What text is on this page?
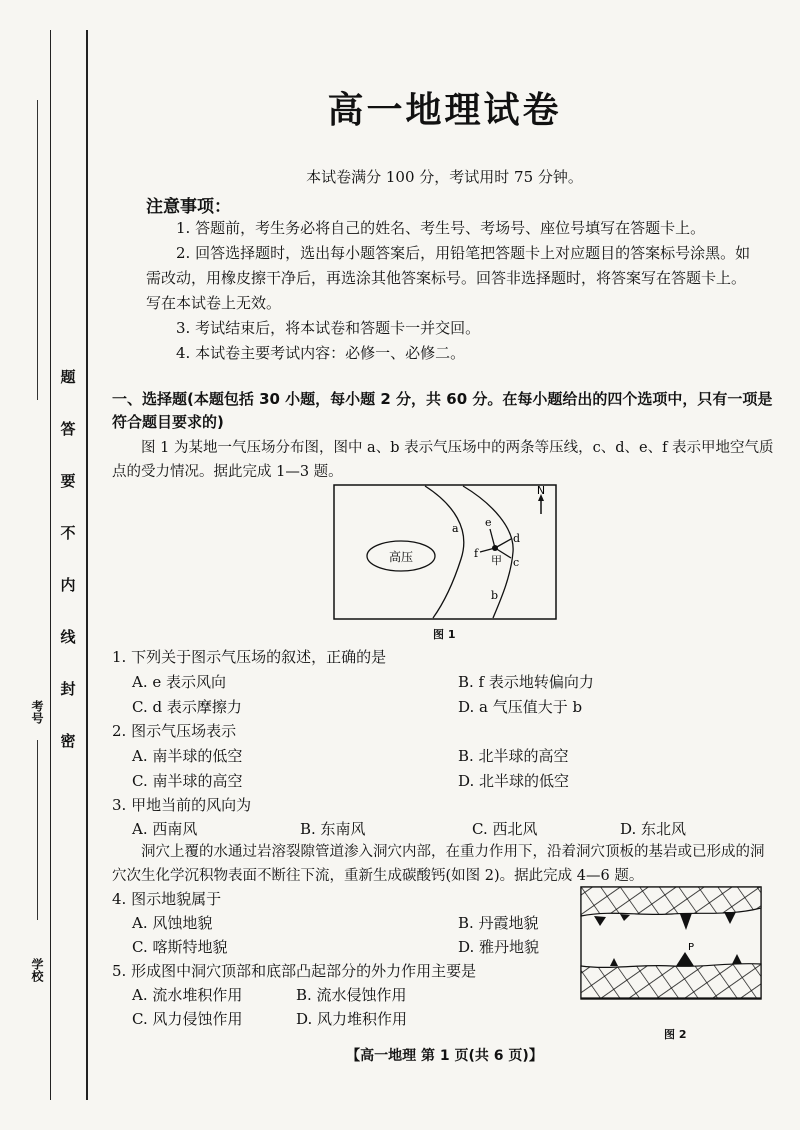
题
答
要
不
内
线
封
密
考号
学校
高一地理试卷
本试卷满分 100 分，考试用时 75 分钟。
注意事项：
1. 答题前，考生务必将自己的姓名、考生号、考场号、座位号填写在答题卡上。
2. 回答选择题时，选出每小题答案后，用铅笔把答题卡上对应题目的答案标号涂黑。如需改动，用橡皮擦干净后，再选涂其他答案标号。回答非选择题时，将答案写在答题卡上。写在本试卷上无效。
3. 考试结束后，将本试卷和答题卡一并交回。
4. 本试卷主要考试内容：必修一、必修二。
一、选择题(本题包括 30 小题，每小题 2 分，共 60 分。在每小题给出的四个选项中，只有一项是符合题目要求的)
图 1 为某地一气压场分布图，图中 a、b 表示气压场中的两条等压线，c、d、e、f 表示甲地空气质点的受力情况。据此完成 1—3 题。
高压
a
b
N
e
f
d
c
甲
图 1
1. 下列关于图示气压场的叙述，正确的是
A. e 表示风向	B. f 表示地转偏向力
C. d 表示摩擦力	D. a 气压值大于 b
2. 图示气压场表示
A. 南半球的低空	B. 北半球的高空
C. 南半球的高空	D. 北半球的低空
3. 甲地当前的风向为
A. 西南风	B. 东南风	C. 西北风	D. 东北风
洞穴上覆的水通过岩溶裂隙管道渗入洞穴内部，在重力作用下，沿着洞穴顶板的基岩或已形成的洞穴次生化学沉积物表面不断往下流，重新生成碳酸钙(如图 2)。据此完成 4—6 题。
4. 图示地貌属于
A. 风蚀地貌	B. 丹霞地貌
C. 喀斯特地貌	D. 雅丹地貌
5. 形成图中洞穴顶部和底部凸起部分的外力作用主要是
A. 流水堆积作用	B. 流水侵蚀作用
C. 风力侵蚀作用	D. 风力堆积作用
P
图 2
【高一地理 第 1 页(共 6 页)】
